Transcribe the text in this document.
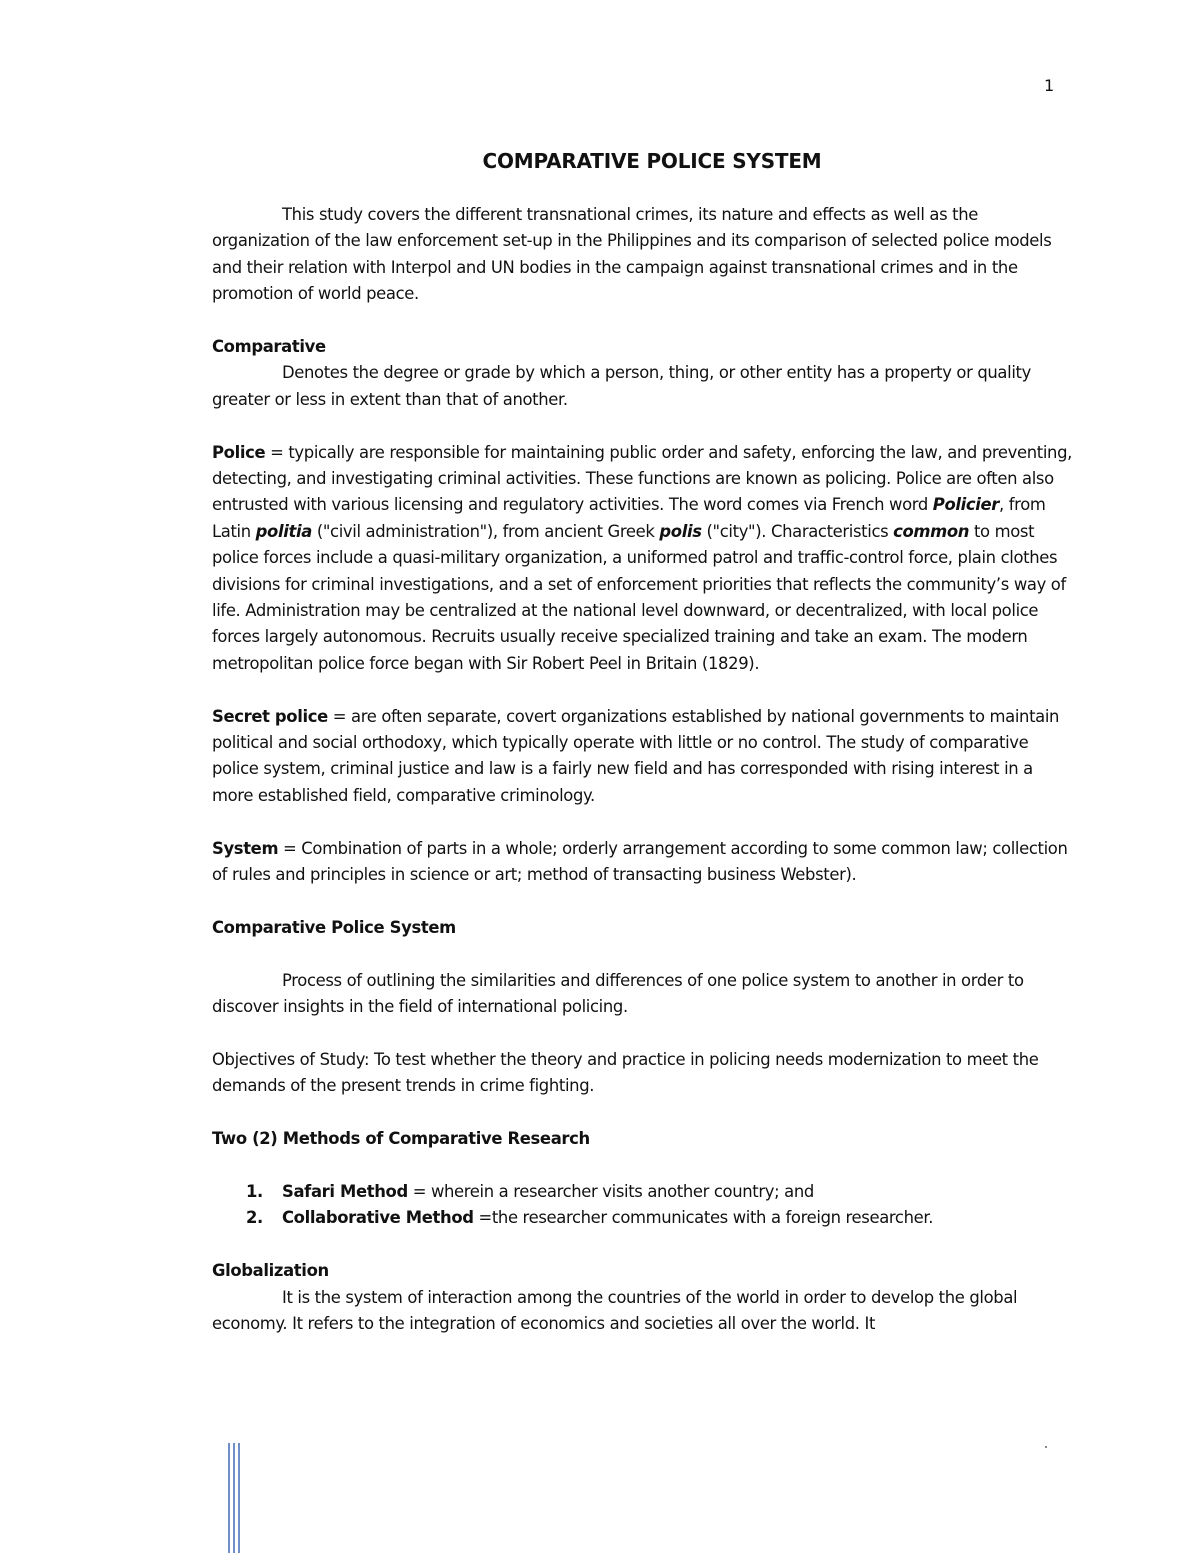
1
COMPARATIVE POLICE SYSTEM

This study covers the different transnational crimes, its nature and effects as well as the organization of the law enforcement set-up in the Philippines and its comparison of selected police models and their relation with Interpol and UN bodies in the campaign against transnational crimes and in the promotion of world peace.

Comparative

Denotes the degree or grade by which a person, thing, or other entity has a property or quality greater or less in extent than that of another.

Police = typically are responsible for maintaining public order and safety, enforcing the law, and preventing, detecting, and investigating criminal activities. These functions are known as policing. Police are often also entrusted with various licensing and regulatory activities. The word comes via French word Policier, from Latin politia ("civil administration"), from ancient Greek polis ("city"). Characteristics common to most police forces include a quasi-military organization, a uniformed patrol and traffic-control force, plain clothes divisions for criminal investigations, and a set of enforcement priorities that reflects the community’s way of life. Administration may be centralized at the national level downward, or decentralized, with local police forces largely autonomous. Recruits usually receive specialized training and take an exam. The modern metropolitan police force began with Sir Robert Peel in Britain (1829).

Secret police = are often separate, covert organizations established by national governments to maintain political and social orthodoxy, which typically operate with little or no control. The study of comparative police system, criminal justice and law is a fairly new field and has corresponded with rising interest in a more established field, comparative criminology.

System = Combination of parts in a whole; orderly arrangement according to some common law; collection of rules and principles in science or art; method of transacting business Webster).

Comparative Police System

Process of outlining the similarities and differences of one police system to another in order to discover insights in the field of international policing.

Objectives of Study: To test whether the theory and practice in policing needs modernization to meet the demands of the present trends in crime fighting.

Two (2) Methods of Comparative Research

1. Safari Method = wherein a researcher visits another country; and
2. Collaborative Method =the researcher communicates with a foreign researcher.

Globalization

It is the system of interaction among the countries of the world in order to develop the global economy. It refers to the integration of economics and societies all over the world. It
